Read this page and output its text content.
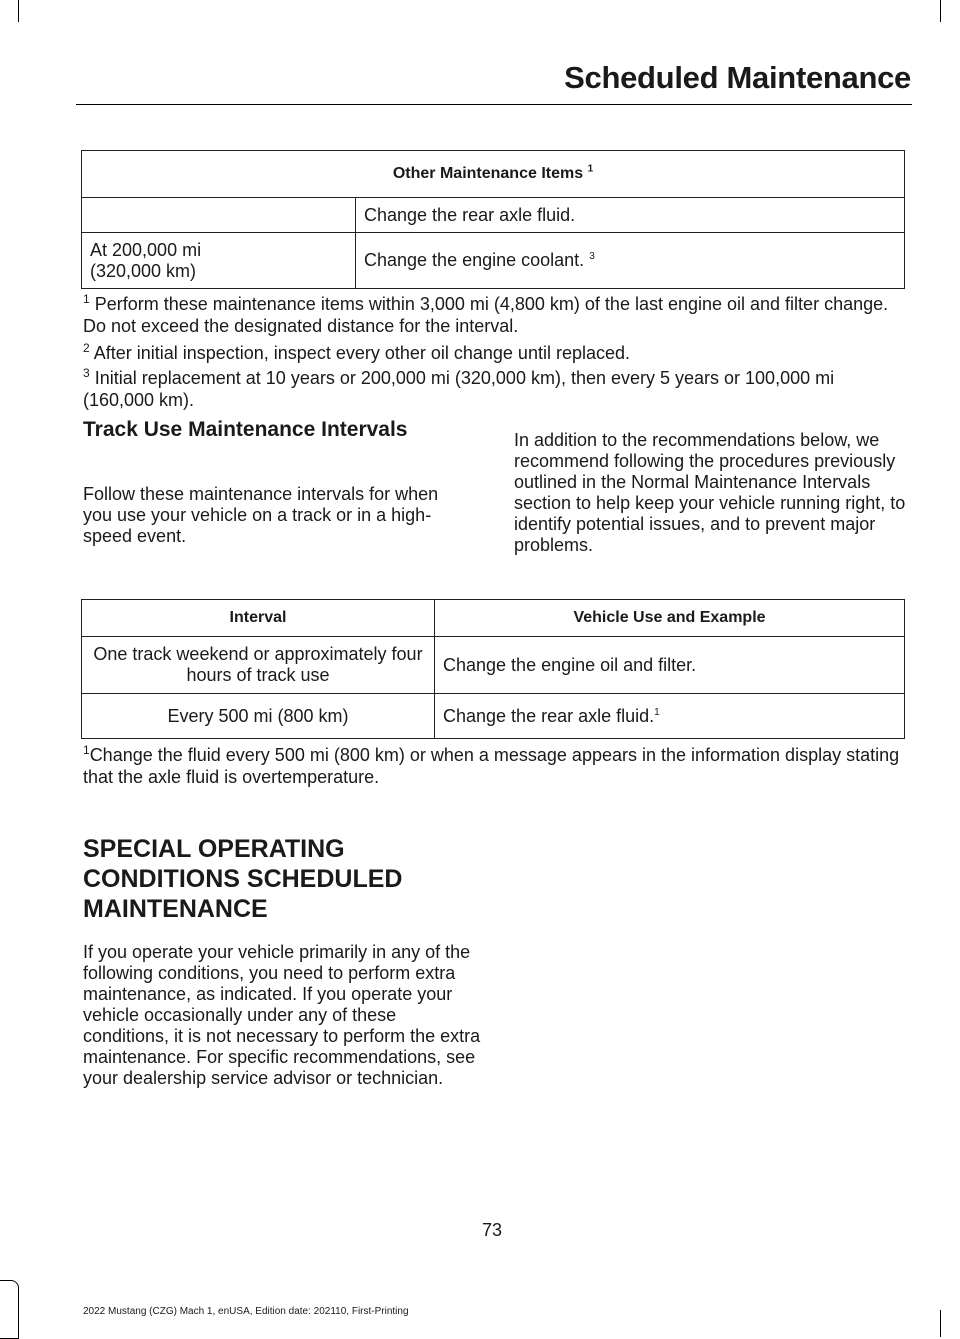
Scheduled Maintenance
Other Maintenance Items $^1$
	Change the rear axle fluid.
At 200,000 mi
(320,000 km)	Change the engine coolant. $^3$
$^1$ Perform these maintenance items within 3,000 mi (4,800 km) of the last engine oil and filter change. Do not exceed the designated distance for the interval.
$^2$ After initial inspection, inspect every other oil change until replaced.
$^3$ Initial replacement at 10 years or 200,000 mi (320,000 km), then every 5 years or 100,000 mi (160,000 km).
Track Use Maintenance Intervals
Follow these maintenance intervals for when you use your vehicle on a track or in a high-speed event.
In addition to the recommendations below, we recommend following the procedures previously outlined in the Normal Maintenance Intervals section to help keep your vehicle running right, to identify potential issues, and to prevent major problems.
Interval	Vehicle Use and Example
One track weekend or approximately four hours of track use	Change the engine oil and filter.
Every 500 mi (800 km)	Change the rear axle fluid.$^1$
$^1$Change the fluid every 500 mi (800 km) or when a message appears in the information display stating that the axle fluid is overtemperature.
SPECIAL OPERATING
CONDITIONS SCHEDULED
MAINTENANCE
If you operate your vehicle primarily in any of the following conditions, you need to perform extra maintenance, as indicated. If you operate your vehicle occasionally under any of these conditions, it is not necessary to perform the extra maintenance. For specific recommendations, see your dealership service advisor or technician.
73
2022 Mustang (CZG) Mach 1, enUSA, Edition date: 202110, First-Printing
